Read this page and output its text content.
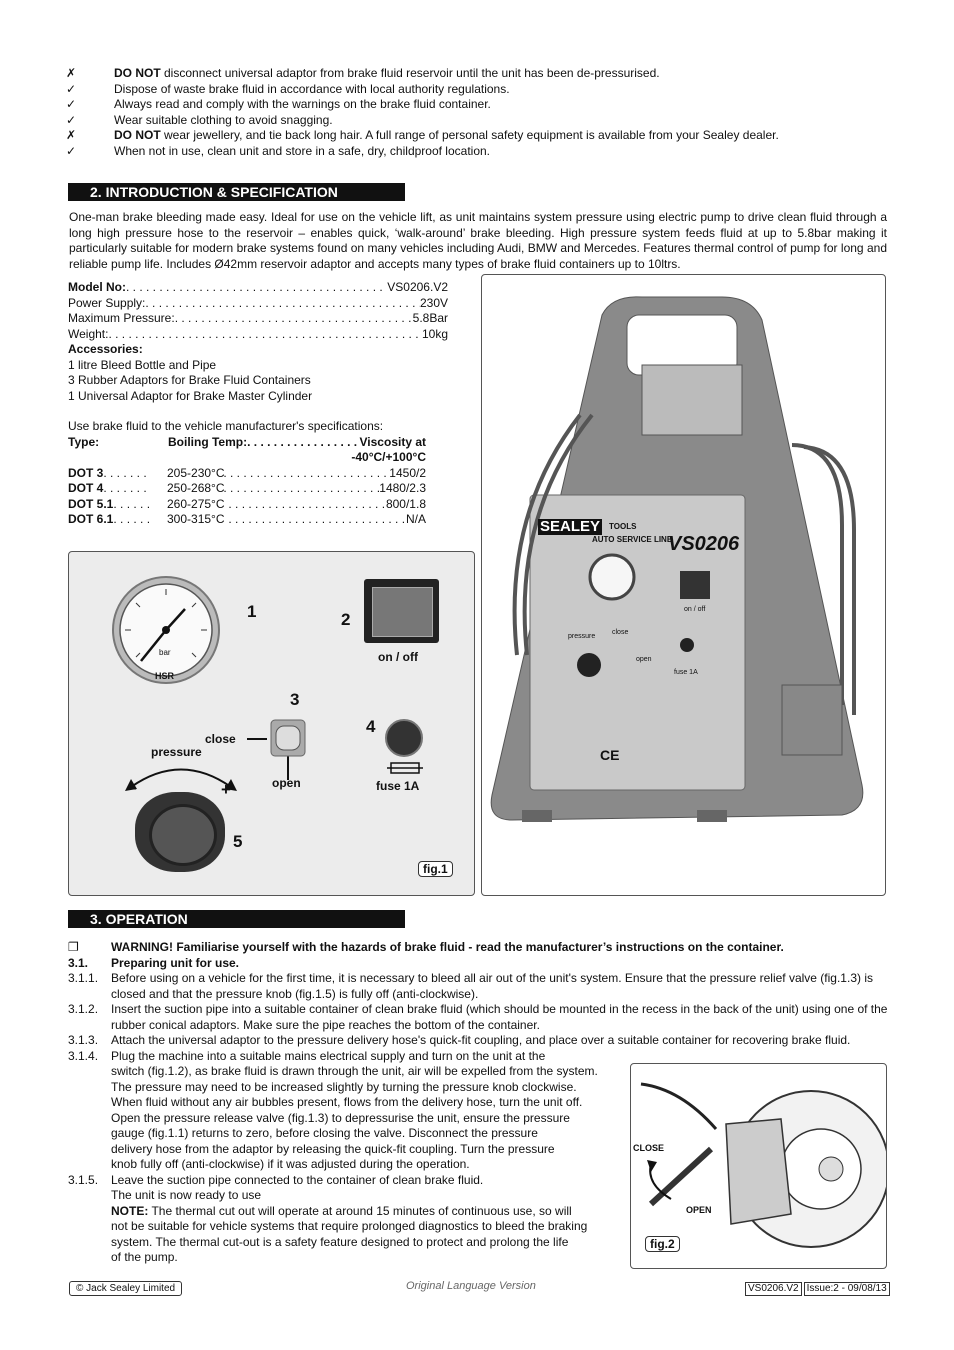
✗	DO NOT disconnect universal adaptor from brake fluid reservoir until the unit has been de-pressurised.
✓	Dispose of waste brake fluid in accordance with local authority regulations.
✓	Always read and comply with the warnings on the brake fluid container.
✓	Wear suitable clothing to avoid snagging.
✗	DO NOT wear jewellery, and tie back long hair. A full range of personal safety equipment is available from your Sealey dealer.
✓	When not in use, clean unit and store in a safe, dry, childproof location.
2. INTRODUCTION & SPECIFICATION
One-man brake bleeding made easy. Ideal for use on the vehicle lift, as unit maintains system pressure using electric pump to drive clean fluid through a long high pressure hose to the reservoir – enables quick, ‘walk-around’ brake bleeding. High pressure system feeds fluid at up to 5.8bar making it particularly suitable for modern brake systems found on many vehicles including Audi, BMW and Mercedes. Features thermal control of pump for long and reliable pump life. Includes Ø42mm reservoir adaptor and accepts many types of brake fluid containers up to 10ltrs.
Model No: . . .	VS0206.V2
Power Supply: . . .	230V
Maximum Pressure: . . .	5.8Bar
Weight: . . .	10kg
Accessories:
1 litre Bleed Bottle and Pipe
3 Rubber Adaptors for Brake Fluid Containers
1 Universal Adaptor for Brake Master Cylinder
Use brake fluid to the vehicle manufacturer's specifications:
Type:	Boiling Temp: . . .	Viscosity at
-40°C/+100°C
DOT 3 . . .	205-230°C . . .	1450/2
DOT 4 . . .	250-268°C . . .	1480/2.3
DOT 5.1 . . .	260-275°C . . .	800/1.8
DOT 6.1 . . .	300-315°C . . .	N/A
bar
HSR
1	2
on / off
3
close
open
4
fuse 1A
pressure
–	+
5
fig.1
SEALEY TOOLS
AUTO SERVICE LINE
VS0206
on / off
pressure
close
open
fuse 1A
CE
3. OPERATION
❐	WARNING! Familiarise yourself with the hazards of brake fluid - read the manufacturer’s instructions on the container.
3.1.	Preparing unit for use.
3.1.1.	Before using on a vehicle for the first time, it is necessary to bleed all air out of the unit's system. Ensure that the pressure relief valve (fig.1.3) is closed and that the pressure knob (fig.1.5) is fully off (anti-clockwise).
3.1.2.	Insert the suction pipe into a suitable container of clean brake fluid (which should be mounted in the recess in the back of the unit) using one of the rubber conical adaptors. Make sure the pipe reaches the bottom of the container.
3.1.3.	Attach the universal adaptor to the pressure delivery hose's quick-fit coupling, and place over a suitable container for recovering brake fluid.
3.1.4.	Plug the machine into a suitable mains electrical supply and turn on the unit at the
switch (fig.1.2), as brake fluid is drawn through the unit, air will be expelled from the system.
The pressure may need to be increased slightly by turning the pressure knob clockwise.
When fluid without any air bubbles present, flows from the delivery hose, turn the unit off.
Open the pressure release valve (fig.1.3) to depressurise the unit, ensure the pressure
gauge (fig.1.1) returns to zero, before closing the valve. Disconnect the pressure
delivery hose from the adaptor by releasing the quick-fit coupling. Turn the pressure
knob fully off (anti-clockwise) if it was adjusted during the operation.
3.1.5.	Leave the suction pipe connected to the container of clean brake fluid.
The unit is now ready to use
NOTE: The thermal cut out will operate at around 15 minutes of continuous use, so will
not be suitable for vehicle systems that require prolonged diagnostics to bleed the braking
system. The thermal cut-out is a safety feature designed to protect and prolong the life
of the pump.
CLOSE
OPEN
fig.2
© Jack Sealey Limited	Original Language Version	VS0206.V2 Issue:2 - 09/08/13
